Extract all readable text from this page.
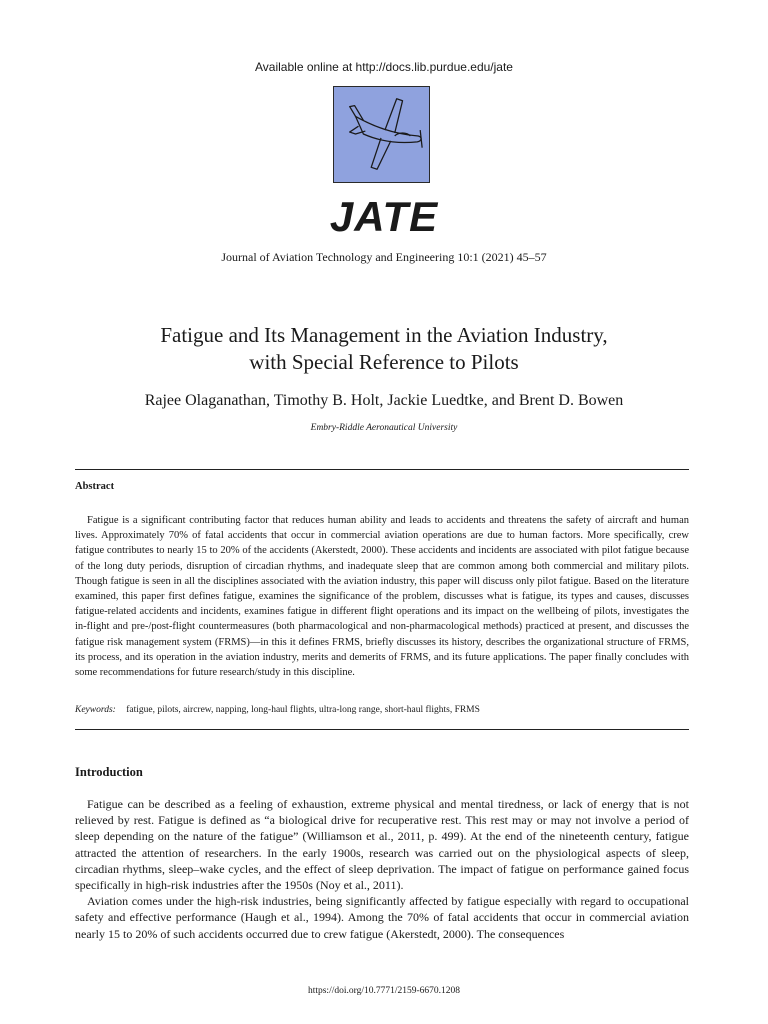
Available online at http://docs.lib.purdue.edu/jate
JATE
Journal of Aviation Technology and Engineering 10:1 (2021) 45–57
Fatigue and Its Management in the Aviation Industry,
with Special Reference to Pilots
Rajee Olaganathan, Timothy B. Holt, Jackie Luedtke, and Brent D. Bowen
Embry-Riddle Aeronautical University
Abstract

Fatigue is a significant contributing factor that reduces human ability and leads to accidents and threatens the safety of aircraft and human lives. Approximately 70% of fatal accidents that occur in commercial aviation operations are due to human factors. More specifically, crew fatigue contributes to nearly 15 to 20% of the accidents (Akerstedt, 2000). These accidents and incidents are associated with pilot fatigue because of the long duty periods, disruption of circadian rhythms, and inadequate sleep that are common among both commercial and military pilots. Though fatigue is seen in all the disciplines associated with the aviation industry, this paper will discuss only pilot fatigue. Based on the literature examined, this paper first defines fatigue, examines the significance of the problem, discusses what is fatigue, its types and causes, discusses fatigue-related accidents and incidents, examines fatigue in different flight operations and its impact on the wellbeing of pilots, investigates the in-flight and pre-/post-flight countermeasures (both pharmacological and non-pharmacological methods) practiced at present, and discusses the fatigue risk management system (FRMS)—in this it defines FRMS, briefly discusses its history, describes the organizational structure of FRMS, its process, and its operation in the aviation industry, merits and demerits of FRMS, and its future applications. The paper finally concludes with some recommendations for future research/study in this discipline.

Keywords: fatigue, pilots, aircrew, napping, long-haul flights, ultra-long range, short-haul flights, FRMS
Introduction

Fatigue can be described as a feeling of exhaustion, extreme physical and mental tiredness, or lack of energy that is not relieved by rest. Fatigue is defined as “a biological drive for recuperative rest. This rest may or may not involve a period of sleep depending on the nature of the fatigue” (Williamson et al., 2011, p. 499). At the end of the nineteenth century, fatigue attracted the attention of researchers. In the early 1900s, research was carried out on the physiological aspects of sleep, circadian rhythms, sleep–wake cycles, and the effect of sleep deprivation. The impact of fatigue on performance gained focus specifically in high-risk industries after the 1950s (Noy et al., 2011).

Aviation comes under the high-risk industries, being significantly affected by fatigue especially with regard to occupational safety and effective performance (Haugh et al., 1994). Among the 70% of fatal accidents that occur in commercial aviation nearly 15 to 20% of such accidents occurred due to crew fatigue (Akerstedt, 2000). The consequences

https://doi.org/10.7771/2159-6670.1208
